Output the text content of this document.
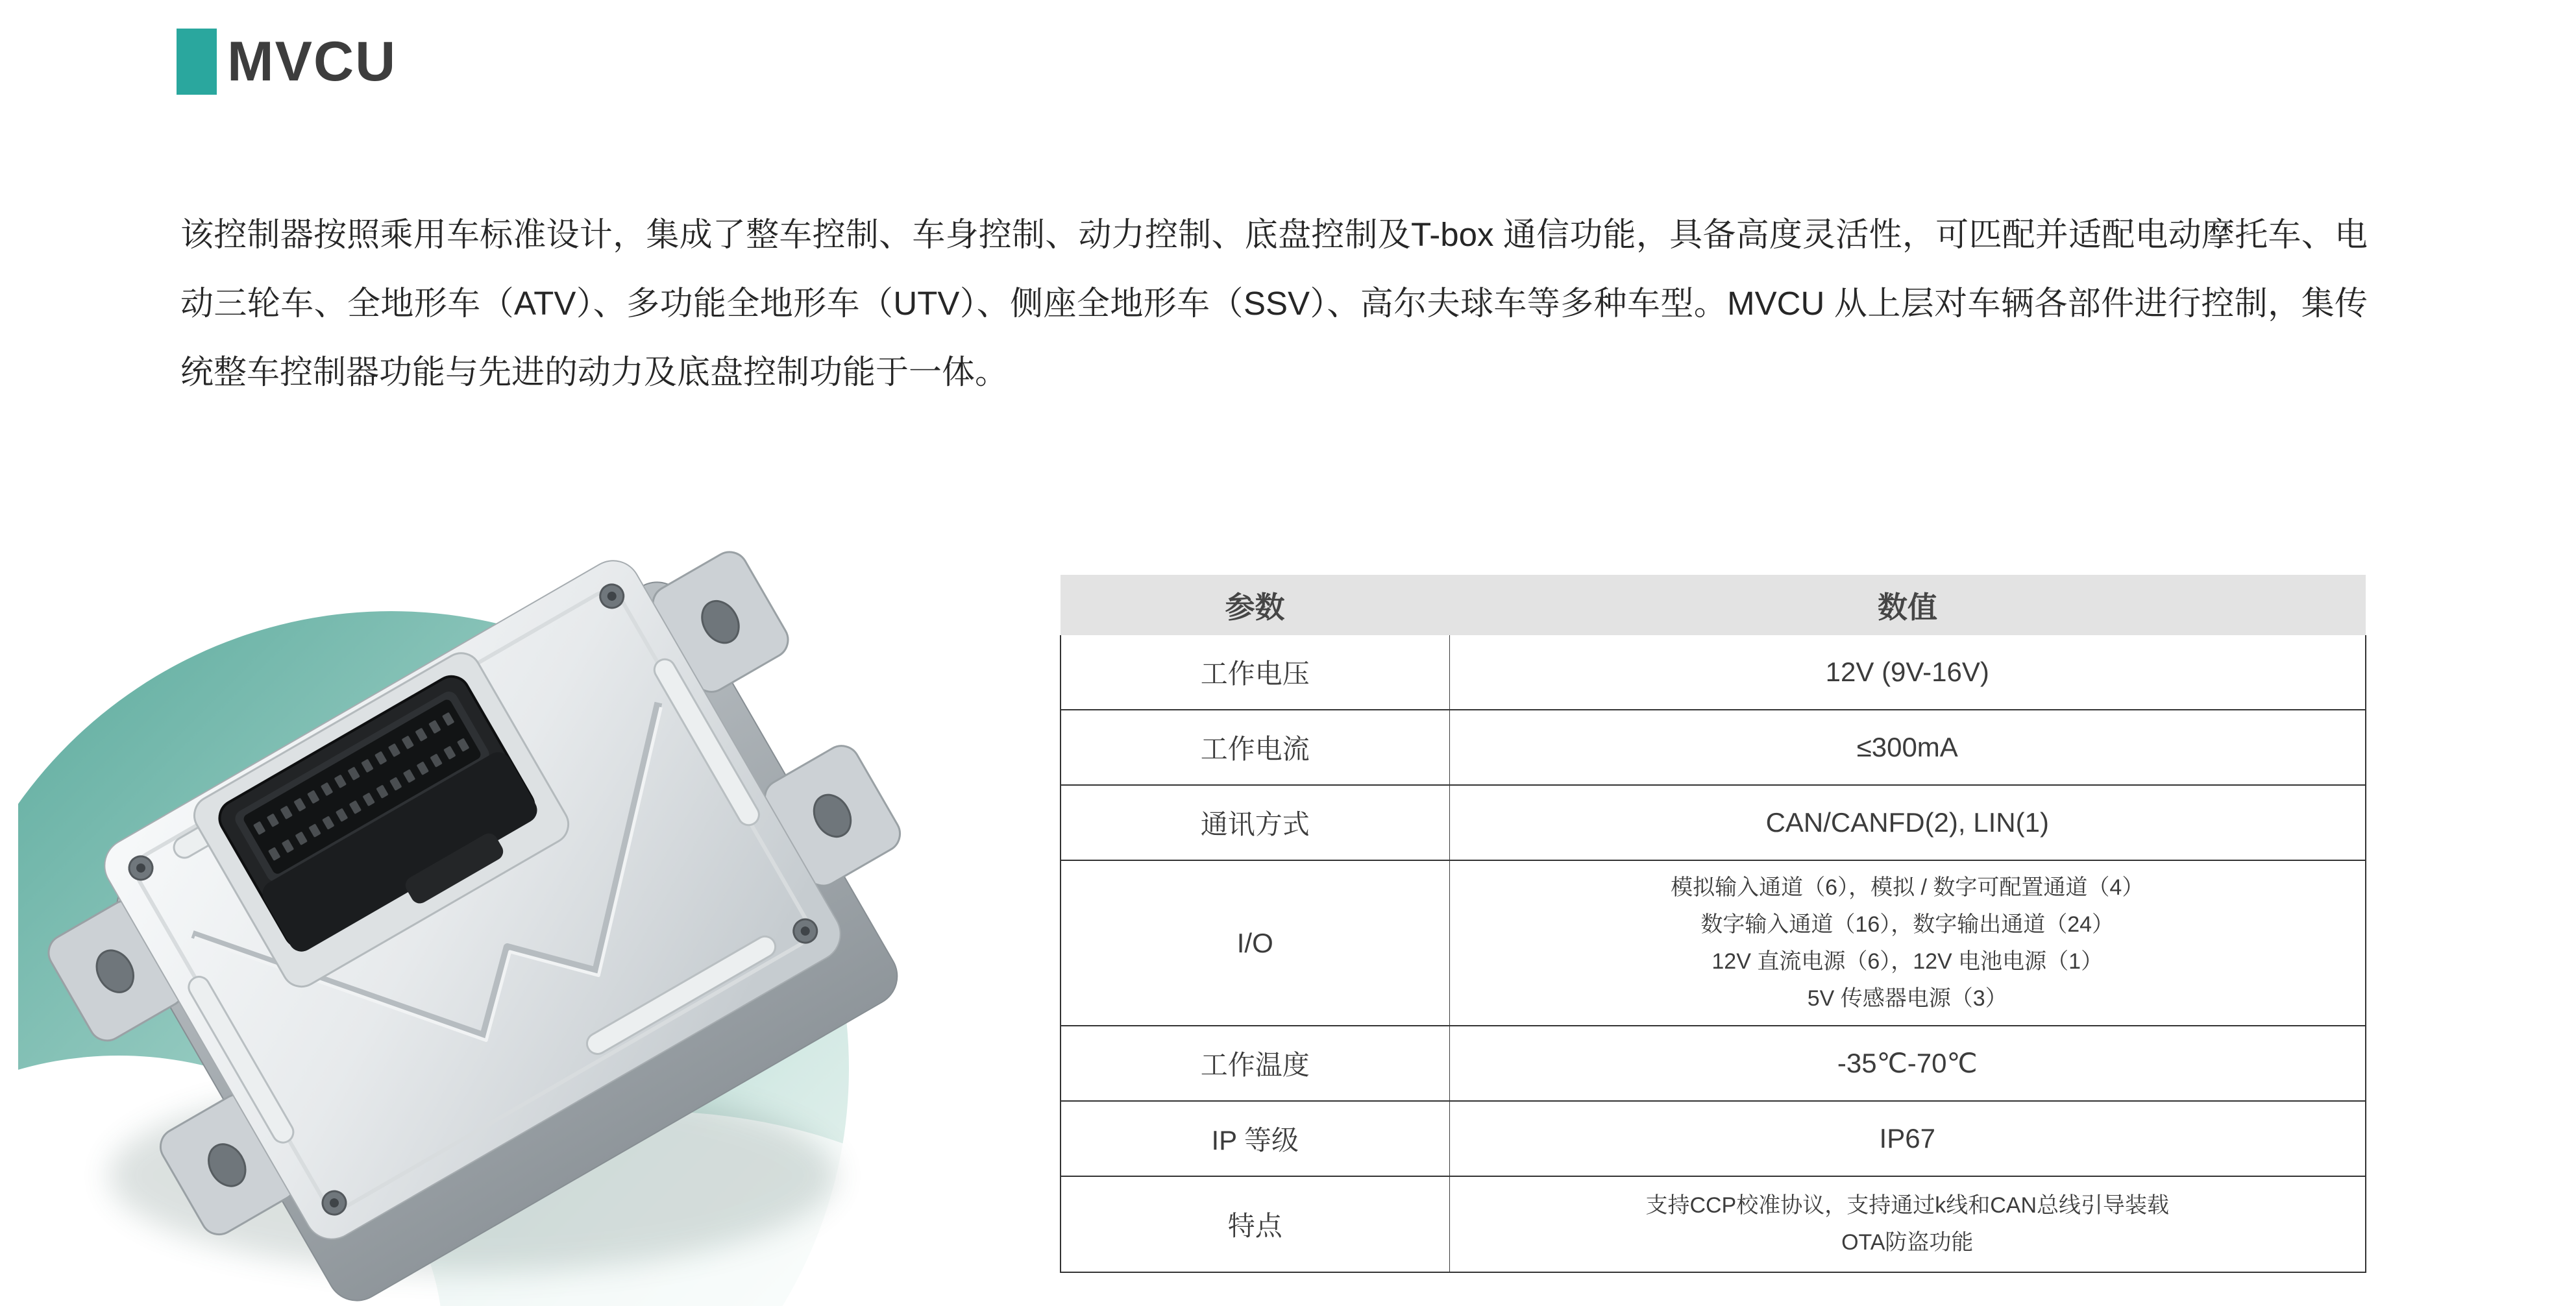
MVCU

该控制器按照乘用车标准设计，集成了整车控制、车身控制、动力控制、底盘控制及T-box 通信功能，具备高度灵活性，可匹配并适配电动摩托车、电动三轮车、全地形车（ATV）、多功能全地形车（UTV）、侧座全地形车（SSV）、高尔夫球车等多种车型。MVCU 从上层对车辆各部件进行控制，集传统整车控制器功能与先进的动力及底盘控制功能于一体。

参数	数值
工作电压	12V (9V-16V)

工作电流	≤300mA

通讯方式	CAN/CANFD(2), LIN(1)

I/O	模拟输入通道（6），模拟 / 数字可配置通道（4）
数字输入通道（16），数字输出通道（24）
12V 直流电源（6），12V 电池电源（1）
5V 传感器电源（3）

工作温度	-35℃-70℃

IP 等级	IP67

特点	支持CCP校准协议，支持通过k线和CAN总线引导装载
OTA防盗功能
